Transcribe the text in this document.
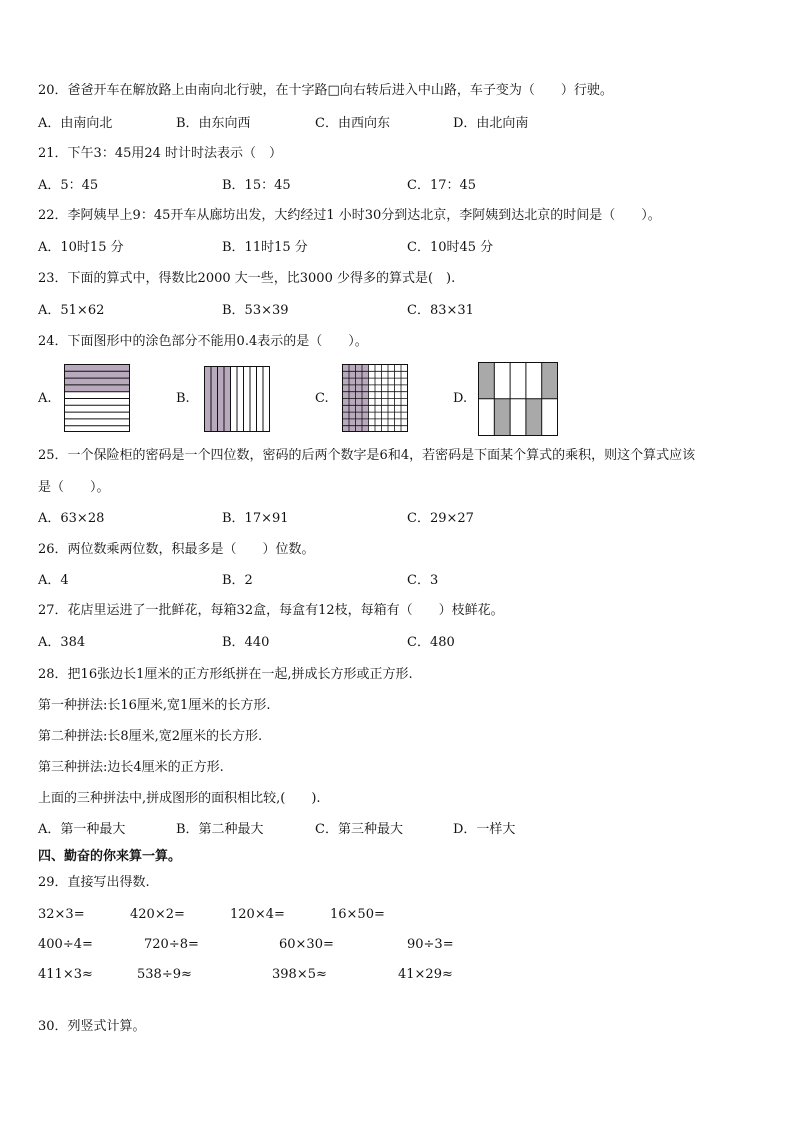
20．爸爸开车在解放路上由南向北行驶，在十字路□向右转后进入中山路，车子变为（　　）行驶。
A．由南向北	B．由东向西	C．由西向东	D．由北向南
21．下午3：45用24 时计时法表示（　）
A．5：45	B．15：45	C．17：45
22．李阿姨早上9：45开车从廊坊出发，大约经过1 小时30分到达北京，李阿姨到达北京的时间是（　　）。
A．10时15 分	B．11时15 分	C．10时45 分
23．下面的算式中，得数比2000 大一些，比3000 少得多的算式是(　).
A．51×62	B．53×39	C．83×31
24．下面图形中的涂色部分不能用0.4表示的是（　　）。
A.	B.	C.	D.
25．一个保险柜的密码是一个四位数，密码的后两个数字是6和4，若密码是下面某个算式的乘积，则这个算式应该
是（　　）。
A．63×28	B．17×91	C．29×27
26．两位数乘两位数，积最多是（　　）位数。
A．4	B．2	C．3
27．花店里运进了一批鲜花，每箱32盒，每盒有12枝，每箱有（　　）枝鲜花。
A．384	B．440	C．480
28．把16张边长1厘米的正方形纸拼在一起,拼成长方形或正方形.
第一种拼法:长16厘米,宽1厘米的长方形.
第二种拼法:长8厘米,宽2厘米的长方形.
第三种拼法:边长4厘米的正方形.
上面的三种拼法中,拼成图形的面积相比较,(　　).
A．第一种最大	B．第二种最大	C．第三种最大	D．一样大
四、勤奋的你来算一算。
29．直接写出得数.
32×3=	420×2=	120×4=	16×50=
400÷4=	720÷8=	60×30=	90÷3=
411×3≈	538÷9≈	398×5≈	41×29≈
30．列竖式计算。
